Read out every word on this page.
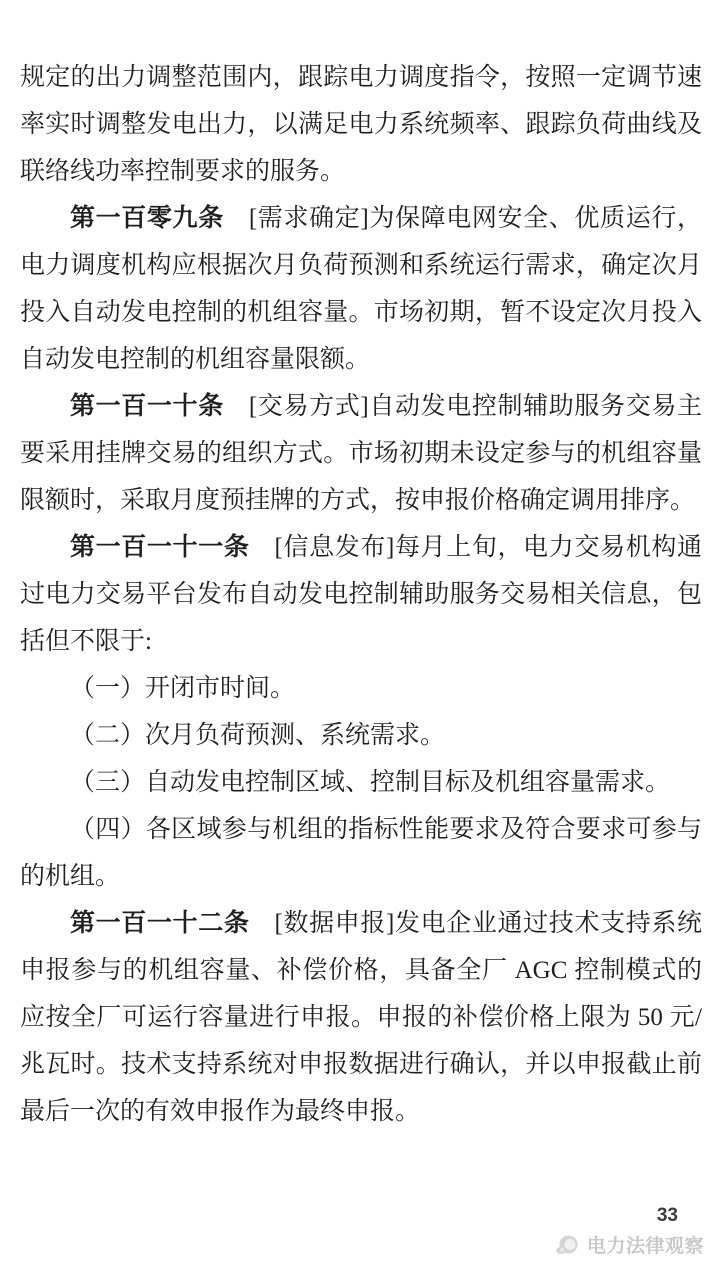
规定的出力调整范围内，跟踪电力调度指令，按照一定调节速率实时调整发电出力，以满足电力系统频率、跟踪负荷曲线及联络线功率控制要求的服务。

第一百零九条 [需求确定]为保障电网安全、优质运行，电力调度机构应根据次月负荷预测和系统运行需求，确定次月投入自动发电控制的机组容量。市场初期，暂不设定次月投入自动发电控制的机组容量限额。

第一百一十条 [交易方式]自动发电控制辅助服务交易主要采用挂牌交易的组织方式。市场初期未设定参与的机组容量限额时，采取月度预挂牌的方式，按申报价格确定调用排序。

第一百一十一条 [信息发布]每月上旬，电力交易机构通过电力交易平台发布自动发电控制辅助服务交易相关信息，包括但不限于:

（一）开闭市时间。

（二）次月负荷预测、系统需求。

（三）自动发电控制区域、控制目标及机组容量需求。

（四）各区域参与机组的指标性能要求及符合要求可参与的机组。

第一百一十二条 [数据申报]发电企业通过技术支持系统申报参与的机组容量、补偿价格，具备全厂 AGC 控制模式的应按全厂可运行容量进行申报。申报的补偿价格上限为 50 元/兆瓦时。技术支持系统对申报数据进行确认，并以申报截止前最后一次的有效申报作为最终申报。

33
电力法律观察
